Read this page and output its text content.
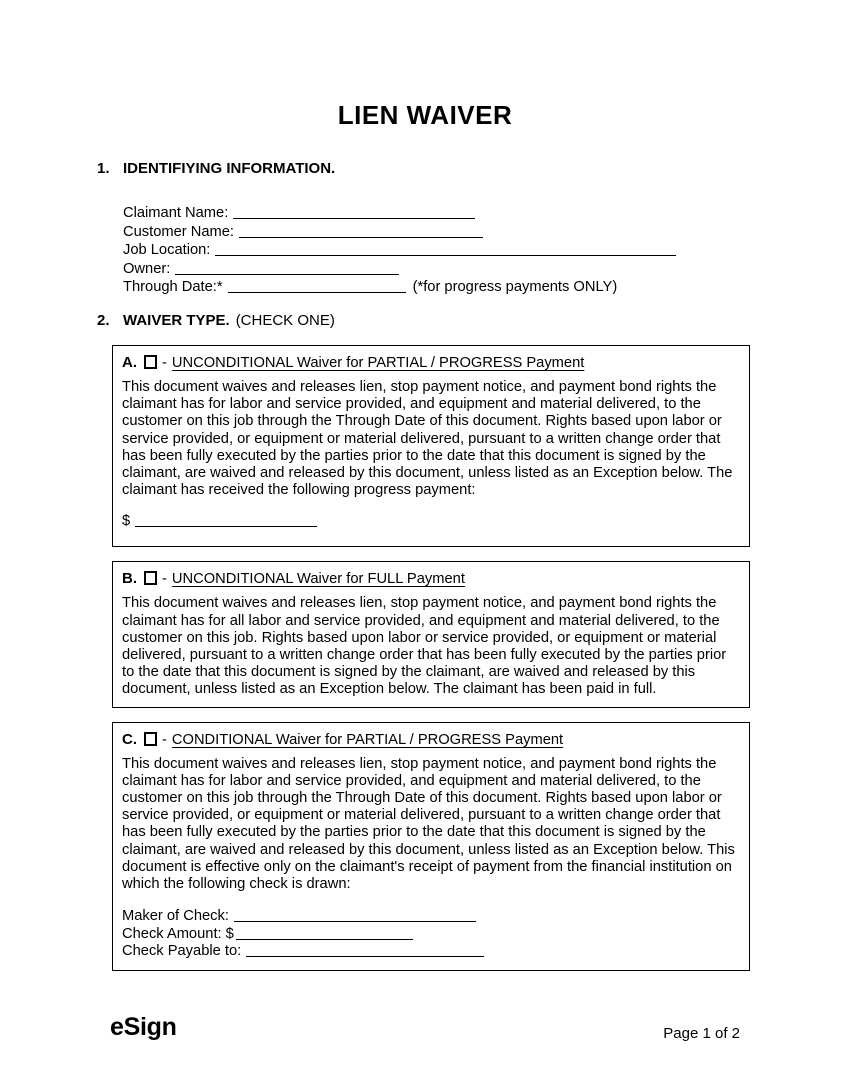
LIEN WAIVER
1. IDENTIFIYING INFORMATION.
Claimant Name:
Customer Name:
Job Location:
Owner:
Through Date:*	(*for progress payments ONLY)
2. WAIVER TYPE. (CHECK ONE)
A. - UNCONDITIONAL Waiver for PARTIAL / PROGRESS Payment

This document waives and releases lien, stop payment notice, and payment bond rights the claimant has for labor and service provided, and equipment and material delivered, to the customer on this job through the Through Date of this document. Rights based upon labor or service provided, or equipment or material delivered, pursuant to a written change order that has been fully executed by the parties prior to the date that this document is signed by the claimant, are waived and released by this document, unless listed as an Exception below. The claimant has received the following progress payment:

$
B. - UNCONDITIONAL Waiver for FULL Payment

This document waives and releases lien, stop payment notice, and payment bond rights the claimant has for all labor and service provided, and equipment and material delivered, to the customer on this job. Rights based upon labor or service provided, or equipment or material delivered, pursuant to a written change order that has been fully executed by the parties prior to the date that this document is signed by the claimant, are waived and released by this document, unless listed as an Exception below. The claimant has been paid in full.

C. - CONDITIONAL Waiver for PARTIAL / PROGRESS Payment

This document waives and releases lien, stop payment notice, and payment bond rights the claimant has for labor and service provided, and equipment and material delivered, to the customer on this job through the Through Date of this document. Rights based upon labor or service provided, or equipment or material delivered, pursuant to a written change order that has been fully executed by the parties prior to the date that this document is signed by the claimant, are waived and released by this document, unless listed as an Exception below. This document is effective only on the claimant's receipt of payment from the financial institution on which the following check is drawn:

Maker of Check:
Check Amount: $
Check Payable to:
eSign	Page 1 of 2
